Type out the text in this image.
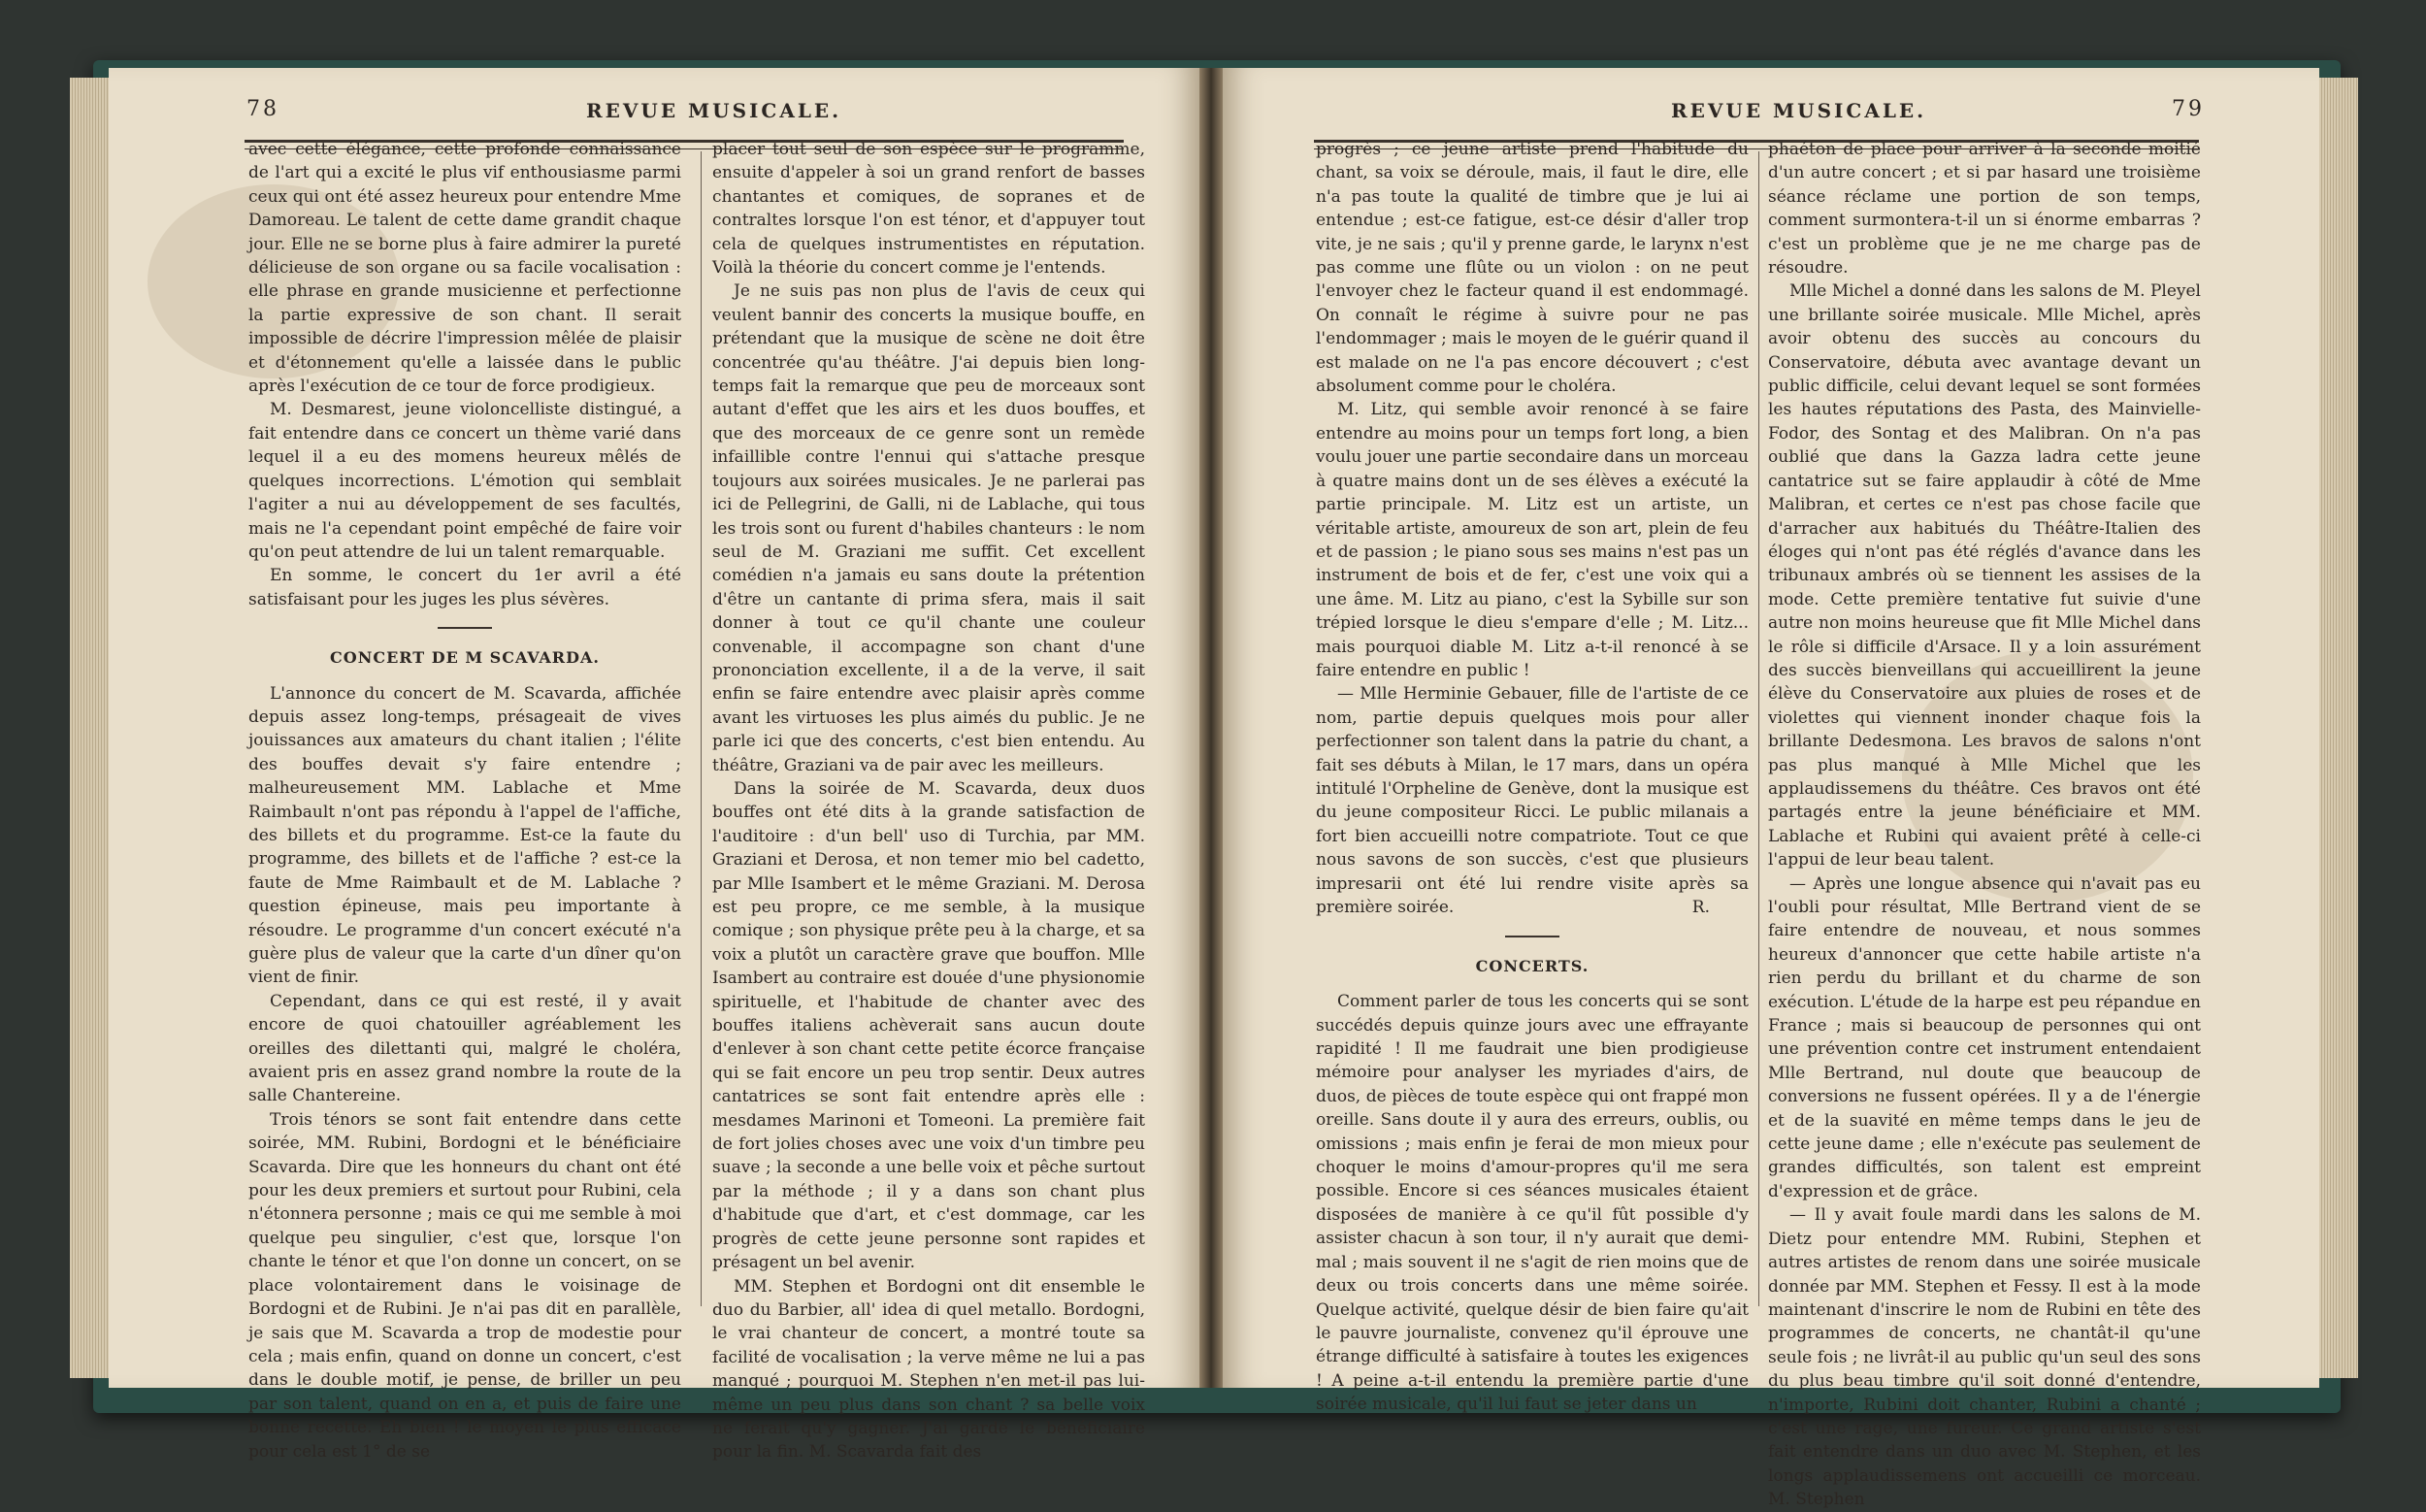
78	REVUE MUSICALE.

avec cette élégance, cette profonde connaissance de l'art qui a excité le plus vif enthousiasme parmi ceux qui ont été assez heureux pour entendre Mme Damoreau. Le talent de cette dame grandit chaque jour. Elle ne se borne plus à faire admirer la pureté délicieuse de son organe ou sa facile vocalisation : elle phrase en grande musicienne et perfectionne la partie expressive de son chant. Il serait impossible de décrire l'impression mêlée de plaisir et d'étonnement qu'elle a laissée dans le public après l'exécution de ce tour de force prodigieux.

M. Desmarest, jeune violoncelliste distingué, a fait entendre dans ce concert un thème varié dans lequel il a eu des momens heureux mêlés de quelques incorrections. L'émotion qui semblait l'agiter a nui au développement de ses facultés, mais ne l'a cependant point empêché de faire voir qu'on peut attendre de lui un talent remarquable.

En somme, le concert du 1er avril a été satisfaisant pour les juges les plus sévères.

CONCERT DE M SCAVARDA.

L'annonce du concert de M. Scavarda, affichée depuis assez long-temps, présageait de vives jouissances aux amateurs du chant italien ; l'élite des bouffes devait s'y faire entendre ; malheureusement MM. Lablache et Mme Raimbault n'ont pas répondu à l'appel de l'affiche, des billets et du programme. Est-ce la faute du programme, des billets et de l'affiche ? est-ce la faute de Mme Raimbault et de M. Lablache ? question épineuse, mais peu importante à résoudre. Le programme d'un concert exécuté n'a guère plus de valeur que la carte d'un dîner qu'on vient de finir.

Cependant, dans ce qui est resté, il y avait encore de quoi chatouiller agréablement les oreilles des dilettanti qui, malgré le choléra, avaient pris en assez grand nombre la route de la salle Chantereine.

Trois ténors se sont fait entendre dans cette soirée, MM. Rubini, Bordogni et le bénéficiaire Scavarda. Dire que les honneurs du chant ont été pour les deux premiers et surtout pour Rubini, cela n'étonnera personne ; mais ce qui me semble à moi quelque peu singulier, c'est que, lorsque l'on chante le ténor et que l'on donne un concert, on se place volontairement dans le voisinage de Bordogni et de Rubini. Je n'ai pas dit en parallèle, je sais que M. Scavarda a trop de modestie pour cela ; mais enfin, quand on donne un concert, c'est dans le double motif, je pense, de briller un peu par son talent, quand on en a, et puis de faire une bonne recette. Eh bien ! le moyen le plus efficace pour cela est 1° de se

placer tout seul de son espèce sur le programme, ensuite d'appeler à soi un grand renfort de basses chantantes et comiques, de sopranes et de contraltes lorsque l'on est ténor, et d'appuyer tout cela de quelques instrumentistes en réputation. Voilà la théorie du concert comme je l'entends.

Je ne suis pas non plus de l'avis de ceux qui veulent bannir des concerts la musique bouffe, en prétendant que la musique de scène ne doit être concentrée qu'au théâtre. J'ai depuis bien long-temps fait la remarque que peu de morceaux sont autant d'effet que les airs et les duos bouffes, et que des morceaux de ce genre sont un remède infaillible contre l'ennui qui s'attache presque toujours aux soirées musicales. Je ne parlerai pas ici de Pellegrini, de Galli, ni de Lablache, qui tous les trois sont ou furent d'habiles chanteurs : le nom seul de M. Graziani me suffit. Cet excellent comédien n'a jamais eu sans doute la prétention d'être un cantante di prima sfera, mais il sait donner à tout ce qu'il chante une couleur convenable, il accompagne son chant d'une prononciation excellente, il a de la verve, il sait enfin se faire entendre avec plaisir après comme avant les virtuoses les plus aimés du public. Je ne parle ici que des concerts, c'est bien entendu. Au théâtre, Graziani va de pair avec les meilleurs.

Dans la soirée de M. Scavarda, deux duos bouffes ont été dits à la grande satisfaction de l'auditoire : d'un bell' uso di Turchia, par MM. Graziani et Derosa, et non temer mio bel cadetto, par Mlle Isambert et le même Graziani. M. Derosa est peu propre, ce me semble, à la musique comique ; son physique prête peu à la charge, et sa voix a plutôt un caractère grave que bouffon. Mlle Isambert au contraire est douée d'une physionomie spirituelle, et l'habitude de chanter avec des bouffes italiens achèverait sans aucun doute d'enlever à son chant cette petite écorce française qui se fait encore un peu trop sentir. Deux autres cantatrices se sont fait entendre après elle : mesdames Marinoni et Tomeoni. La première fait de fort jolies choses avec une voix d'un timbre peu suave ; la seconde a une belle voix et pêche surtout par la méthode ; il y a dans son chant plus d'habitude que d'art, et c'est dommage, car les progrès de cette jeune personne sont rapides et présagent un bel avenir.

MM. Stephen et Bordogni ont dit ensemble le duo du Barbier, all' idea di quel metallo. Bordogni, le vrai chanteur de concert, a montré toute sa facilité de vocalisation ; la verve même ne lui a pas manqué ; pourquoi M. Stephen n'en met-il pas lui-même un peu plus dans son chant ? sa belle voix ne ferait qu'y gagner. J'ai gardé le bénéficiaire pour la fin. M. Scavarda fait des

REVUE MUSICALE.	79

progrès ; ce jeune artiste prend l'habitude du chant, sa voix se déroule, mais, il faut le dire, elle n'a pas toute la qualité de timbre que je lui ai entendue ; est-ce fatigue, est-ce désir d'aller trop vite, je ne sais ; qu'il y prenne garde, le larynx n'est pas comme une flûte ou un violon : on ne peut l'envoyer chez le facteur quand il est endommagé. On connaît le régime à suivre pour ne pas l'endommager ; mais le moyen de le guérir quand il est malade on ne l'a pas encore découvert ; c'est absolument comme pour le choléra.

M. Litz, qui semble avoir renoncé à se faire entendre au moins pour un temps fort long, a bien voulu jouer une partie secondaire dans un morceau à quatre mains dont un de ses élèves a exécuté la partie principale. M. Litz est un artiste, un véritable artiste, amoureux de son art, plein de feu et de passion ; le piano sous ses mains n'est pas un instrument de bois et de fer, c'est une voix qui a une âme. M. Litz au piano, c'est la Sybille sur son trépied lorsque le dieu s'empare d'elle ; M. Litz... mais pourquoi diable M. Litz a-t-il renoncé à se faire entendre en public !

— Mlle Herminie Gebauer, fille de l'artiste de ce nom, partie depuis quelques mois pour aller perfectionner son talent dans la patrie du chant, a fait ses débuts à Milan, le 17 mars, dans un opéra intitulé l'Orpheline de Genève, dont la musique est du jeune compositeur Ricci. Le public milanais a fort bien accueilli notre compatriote. Tout ce que nous savons de son succès, c'est que plusieurs impresarii ont été lui rendre visite après sa première soirée.	R.

CONCERTS.

Comment parler de tous les concerts qui se sont succédés depuis quinze jours avec une effrayante rapidité ! Il me faudrait une bien prodigieuse mémoire pour analyser les myriades d'airs, de duos, de pièces de toute espèce qui ont frappé mon oreille. Sans doute il y aura des erreurs, oublis, ou omissions ; mais enfin je ferai de mon mieux pour choquer le moins d'amour-propres qu'il me sera possible. Encore si ces séances musicales étaient disposées de manière à ce qu'il fût possible d'y assister chacun à son tour, il n'y aurait que demi-mal ; mais souvent il ne s'agit de rien moins que de deux ou trois concerts dans une même soirée. Quelque activité, quelque désir de bien faire qu'ait le pauvre journaliste, convenez qu'il éprouve une étrange difficulté à satisfaire à toutes les exigences ! A peine a-t-il entendu la première partie d'une soirée musicale, qu'il lui faut se jeter dans un

phaéton de place pour arriver à la seconde moitié d'un autre concert ; et si par hasard une troisième séance réclame une portion de son temps, comment surmontera-t-il un si énorme embarras ? c'est un problème que je ne me charge pas de résoudre.

Mlle Michel a donné dans les salons de M. Pleyel une brillante soirée musicale. Mlle Michel, après avoir obtenu des succès au concours du Conservatoire, débuta avec avantage devant un public difficile, celui devant lequel se sont formées les hautes réputations des Pasta, des Mainvielle-Fodor, des Sontag et des Malibran. On n'a pas oublié que dans la Gazza ladra cette jeune cantatrice sut se faire applaudir à côté de Mme Malibran, et certes ce n'est pas chose facile que d'arracher aux habitués du Théâtre-Italien des éloges qui n'ont pas été réglés d'avance dans les tribunaux ambrés où se tiennent les assises de la mode. Cette première tentative fut suivie d'une autre non moins heureuse que fit Mlle Michel dans le rôle si difficile d'Arsace. Il y a loin assurément des succès bienveillans qui accueillirent la jeune élève du Conservatoire aux pluies de roses et de violettes qui viennent inonder chaque fois la brillante Dedesmona. Les bravos de salons n'ont pas plus manqué à Mlle Michel que les applaudissemens du théâtre. Ces bravos ont été partagés entre la jeune bénéficiaire et MM. Lablache et Rubini qui avaient prêté à celle-ci l'appui de leur beau talent.

— Après une longue absence qui n'avait pas eu l'oubli pour résultat, Mlle Bertrand vient de se faire entendre de nouveau, et nous sommes heureux d'annoncer que cette habile artiste n'a rien perdu du brillant et du charme de son exécution. L'étude de la harpe est peu répandue en France ; mais si beaucoup de personnes qui ont une prévention contre cet instrument entendaient Mlle Bertrand, nul doute que beaucoup de conversions ne fussent opérées. Il y a de l'énergie et de la suavité en même temps dans le jeu de cette jeune dame ; elle n'exécute pas seulement de grandes difficultés, son talent est empreint d'expression et de grâce.

— Il y avait foule mardi dans les salons de M. Dietz pour entendre MM. Rubini, Stephen et autres artistes de renom dans une soirée musicale donnée par MM. Stephen et Fessy. Il est à la mode maintenant d'inscrire le nom de Rubini en tête des programmes de concerts, ne chantât-il qu'une seule fois ; ne livrât-il au public qu'un seul des sons du plus beau timbre qu'il soit donné d'entendre, n'importe, Rubini doit chanter, Rubini a chanté ; c'est une rage, une fureur. Ce grand artiste s'est fait entendre dans un duo avec M. Stephen, et les longs applaudissemens ont accueilli ce morceau. M. Stephen
